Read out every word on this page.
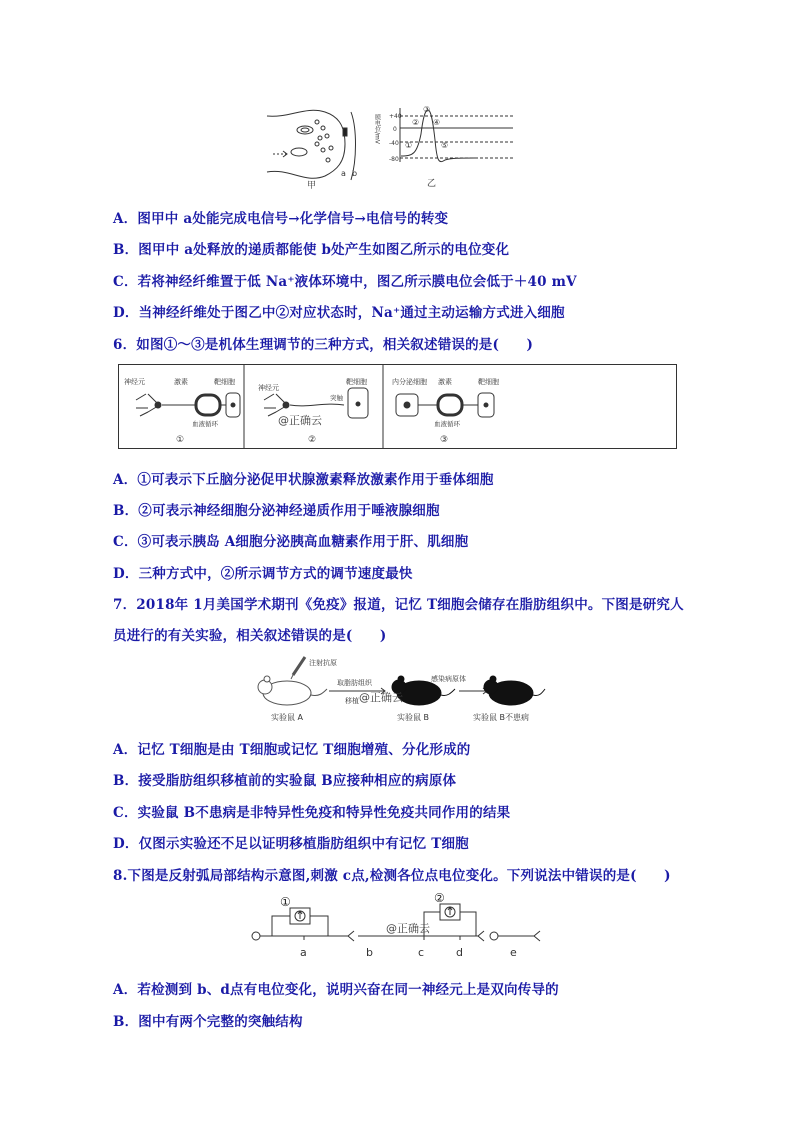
甲
a b
+40
0
-40
-80
膜电位/mV
③
② ④
①	⑤
乙
A．图甲中 a处能完成电信号→化学信号→电信号的转变
B．图甲中 a处释放的递质都能使 b处产生如图乙所示的电位变化
C．若将神经纤维置于低 Na⁺液体环境中，图乙所示膜电位会低于＋40 mV
D．当神经纤维处于图乙中②对应状态时，Na⁺通过主动运输方式进入细胞
6．如图①～③是机体生理调节的三种方式，相关叙述错误的是(　　)
神经元	激素	靶细胞
血液循环
①
神经元
靶细胞
突触
@正确云
②
内分泌细胞 激素	靶细胞
血液循环
③
A．①可表示下丘脑分泌促甲状腺激素释放激素作用于垂体细胞
B．②可表示神经细胞分泌神经递质作用于唾液腺细胞
C．③可表示胰岛 A细胞分泌胰高血糖素作用于肝、肌细胞
D．三种方式中，②所示调节方式的调节速度最快
7．2018年 1月美国学术期刊《免疫》报道，记忆 T细胞会储存在脂肪组织中。下图是研究人
员进行的有关实验，相关叙述错误的是(　　)
注射抗原
实验鼠 A
取脂肪组织
移植 @正确云
实验鼠 B
感染病原体
实验鼠 B不患病
A．记忆 T细胞是由 T细胞或记忆 T细胞增殖、分化形成的
B．接受脂肪组织移植前的实验鼠 B应接种相应的病原体
C．实验鼠 B不患病是非特异性免疫和特异性免疫共同作用的结果
D．仅图示实验还不足以证明移植脂肪组织中有记忆 T细胞
8.下图是反射弧局部结构示意图,刺激 c点,检测各位点电位变化。下列说法中错误的是(　　)
①	②
@正确云
a	b	c	d	e
A．若检测到 b、d点有电位变化，说明兴奋在同一神经元上是双向传导的
B．图中有两个完整的突触结构
